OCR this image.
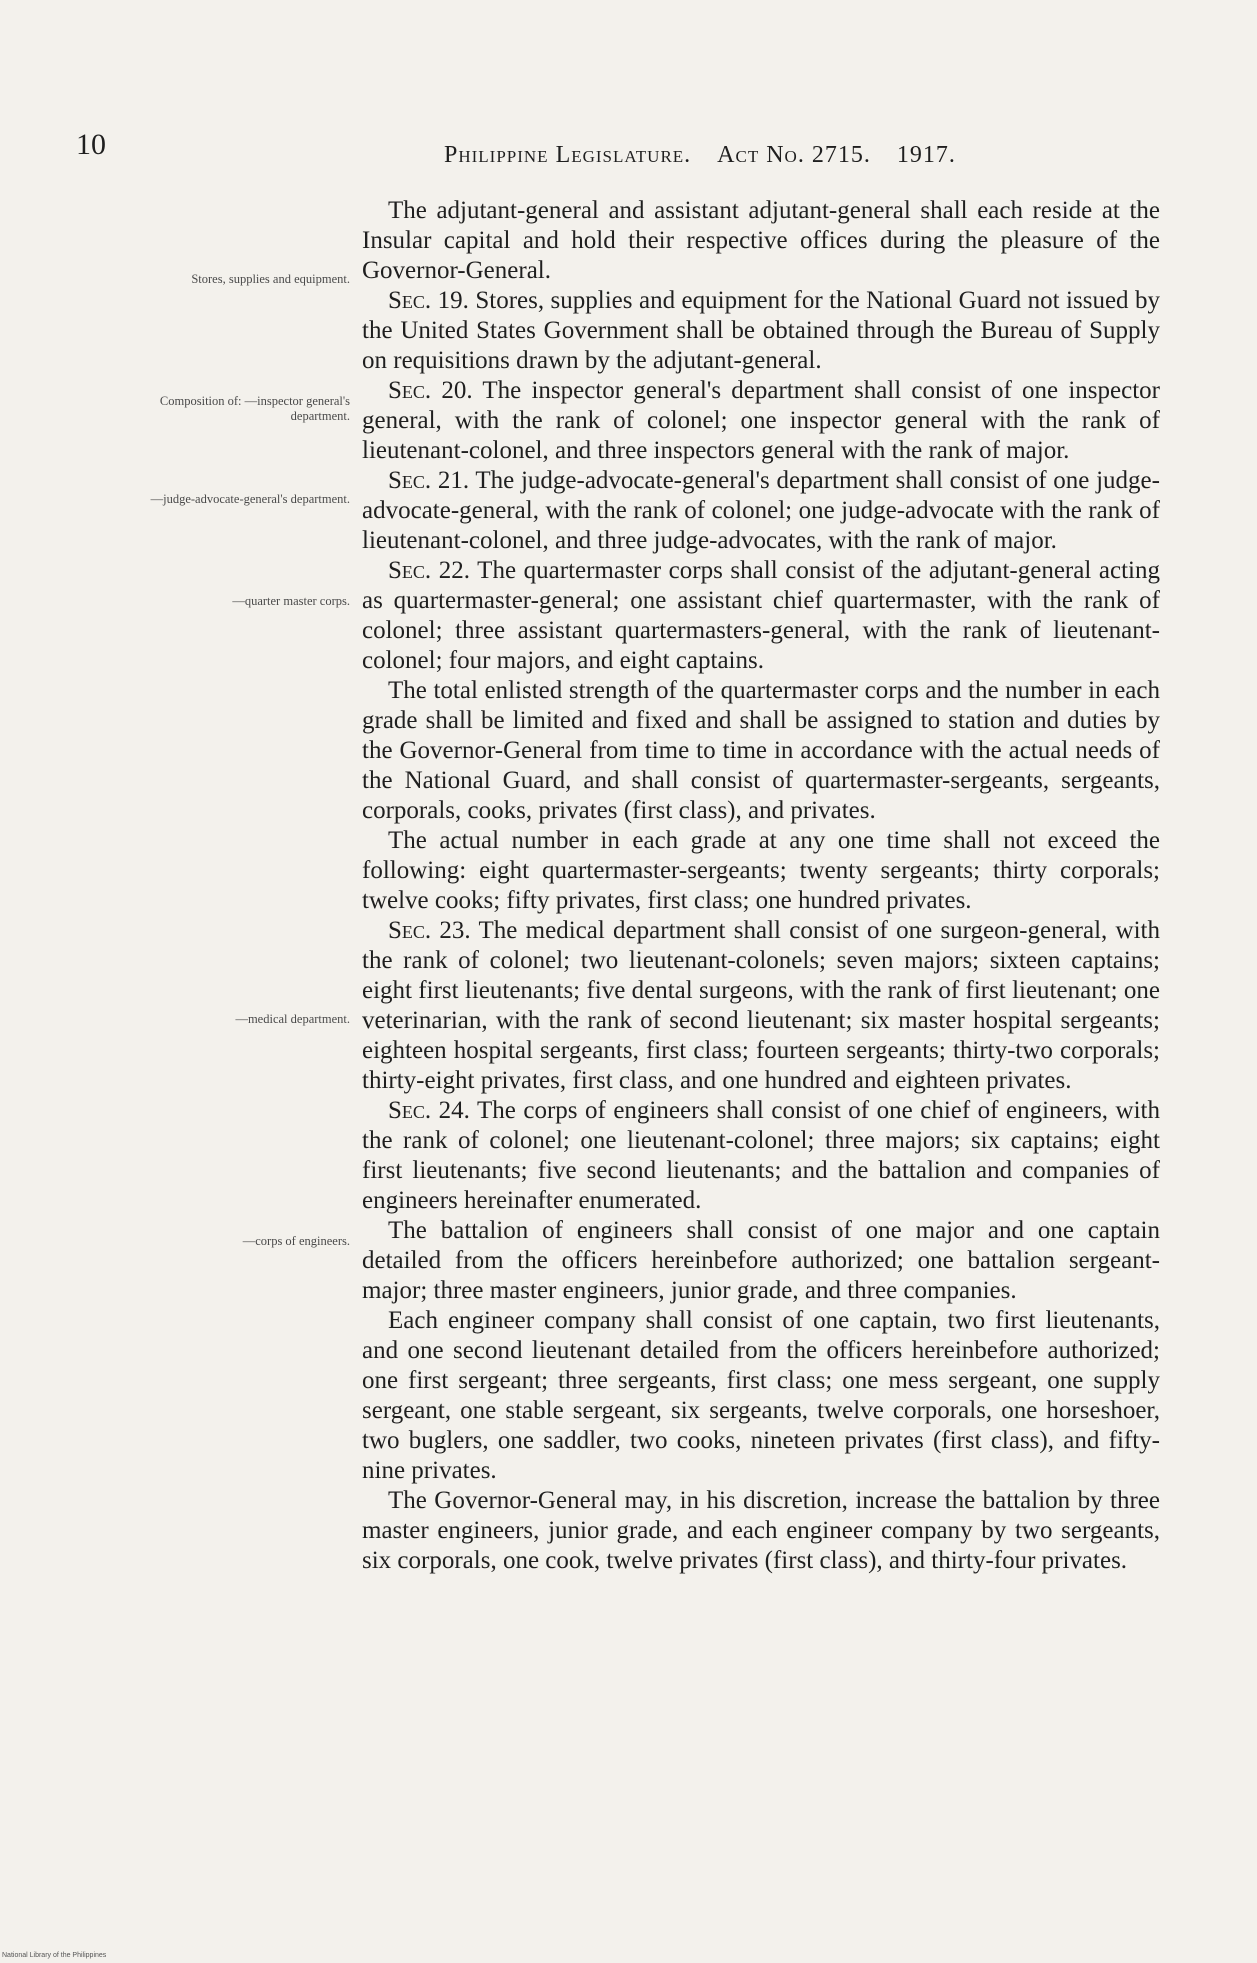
10	Philippine Legislature. Act No. 2715. 1917.
Stores, supplies and equipment.
Composition of: —inspector general's department.
—judge-advocate-general's department.
—quarter master corps.
—medical department.
—corps of engineers.

The adjutant-general and assistant adjutant-general shall each reside at the Insular capital and hold their respective offices during the pleasure of the Governor-General.

Sec. 19. Stores, supplies and equipment for the National Guard not issued by the United States Government shall be obtained through the Bureau of Supply on requisitions drawn by the adjutant-general.

Sec. 20. The inspector general's department shall consist of one inspector general, with the rank of colonel; one inspector general with the rank of lieutenant-colonel, and three inspectors general with the rank of major.

Sec. 21. The judge-advocate-general's department shall consist of one judge-advocate-general, with the rank of colonel; one judge-advocate with the rank of lieutenant-colonel, and three judge-advocates, with the rank of major.

Sec. 22. The quartermaster corps shall consist of the adjutant-general acting as quartermaster-general; one assistant chief quartermaster, with the rank of colonel; three assistant quartermasters-general, with the rank of lieutenant-colonel; four majors, and eight captains.

The total enlisted strength of the quartermaster corps and the number in each grade shall be limited and fixed and shall be assigned to station and duties by the Governor-General from time to time in accordance with the actual needs of the National Guard, and shall consist of quartermaster-sergeants, sergeants, corporals, cooks, privates (first class), and privates.

The actual number in each grade at any one time shall not exceed the following: eight quartermaster-sergeants; twenty sergeants; thirty corporals; twelve cooks; fifty privates, first class; one hundred privates.

Sec. 23. The medical department shall consist of one surgeon-general, with the rank of colonel; two lieutenant-colonels; seven majors; sixteen captains; eight first lieutenants; five dental surgeons, with the rank of first lieutenant; one veterinarian, with the rank of second lieutenant; six master hospital sergeants; eighteen hospital sergeants, first class; fourteen sergeants; thirty-two corporals; thirty-eight privates, first class, and one hundred and eighteen privates.

Sec. 24. The corps of engineers shall consist of one chief of engineers, with the rank of colonel; one lieutenant-colonel; three majors; six captains; eight first lieutenants; five second lieutenants; and the battalion and companies of engineers hereinafter enumerated.

The battalion of engineers shall consist of one major and one captain detailed from the officers hereinbefore authorized; one battalion sergeant-major; three master engineers, junior grade, and three companies.

Each engineer company shall consist of one captain, two first lieutenants, and one second lieutenant detailed from the officers hereinbefore authorized; one first sergeant; three sergeants, first class; one mess sergeant, one supply sergeant, one stable sergeant, six sergeants, twelve corporals, one horseshoer, two buglers, one saddler, two cooks, nineteen privates (first class), and fifty-nine privates.

The Governor-General may, in his discretion, increase the battalion by three master engineers, junior grade, and each engineer company by two sergeants, six corporals, one cook, twelve privates (first class), and thirty-four privates.

National Library of the Philippines
